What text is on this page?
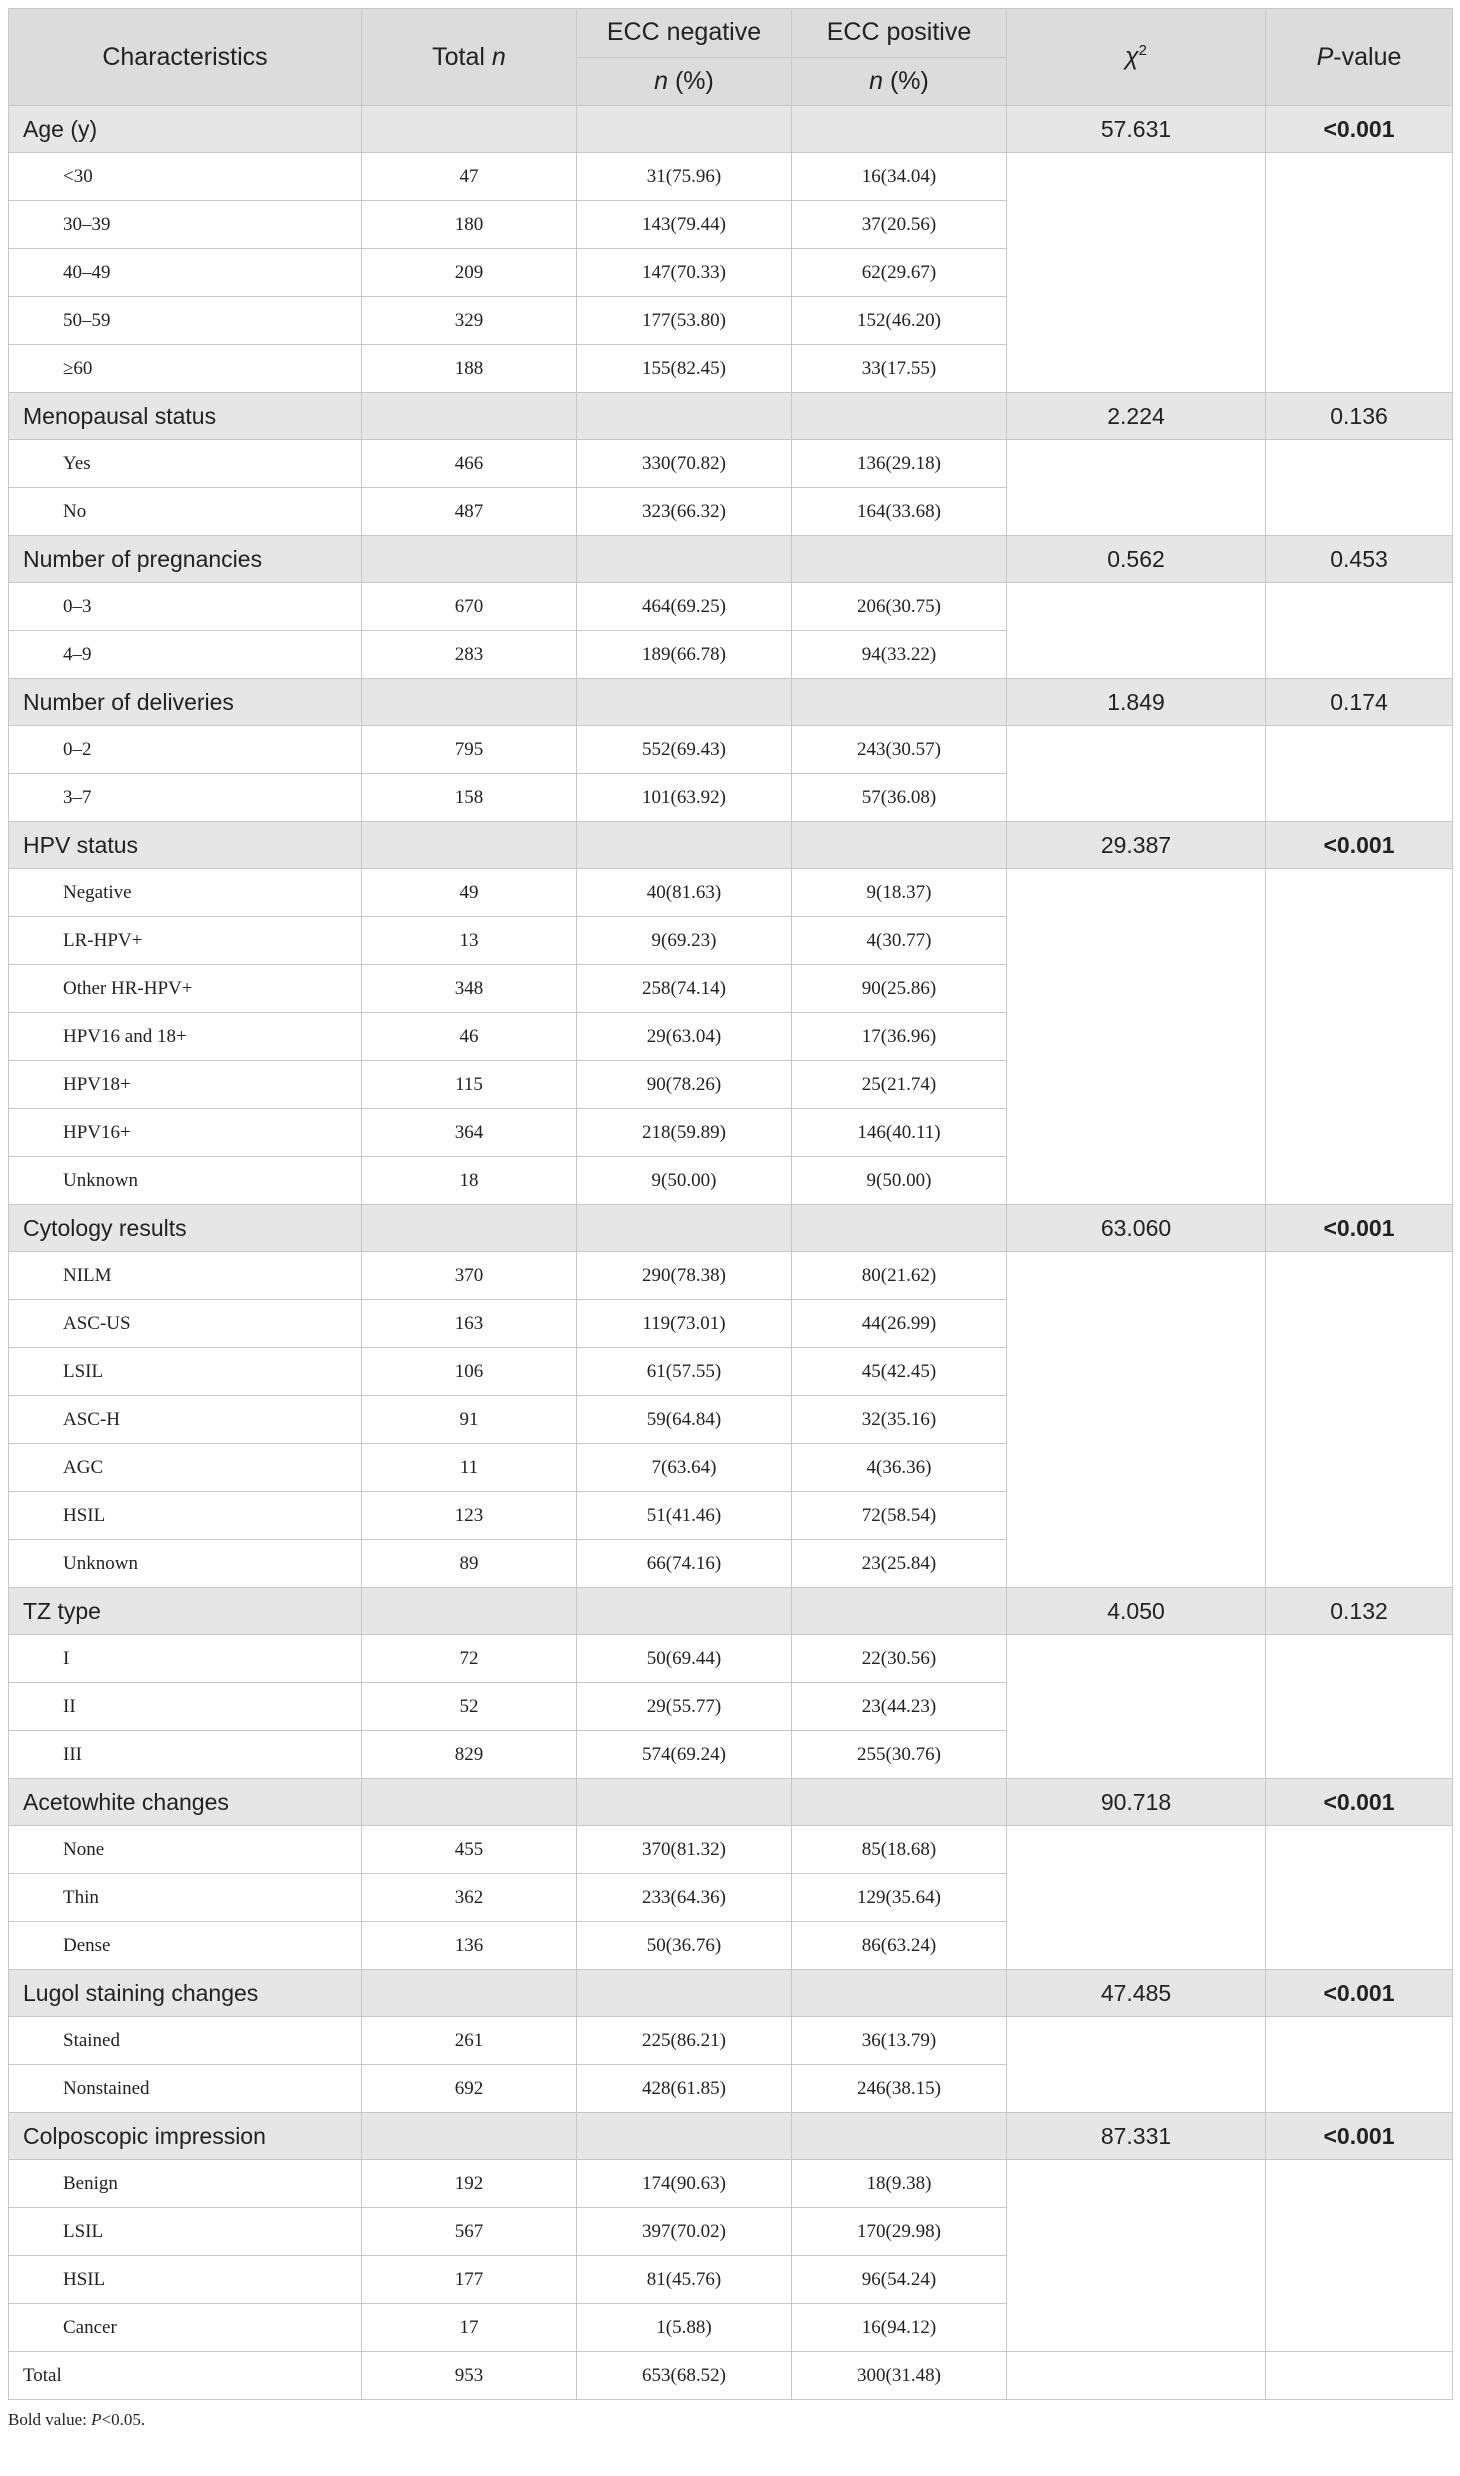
Characteristics	Total n	ECC negative	ECC positive	$\chi^2$	P-value
		n (%)	n (%)		
Age (y)				57.631	<0.001
<30	47	31(75.96)	16(34.04)		
30–39	180	143(79.44)	37(20.56)		
40–49	209	147(70.33)	62(29.67)		
50–59	329	177(53.80)	152(46.20)		
≥60	188	155(82.45)	33(17.55)		
Menopausal status				2.224	0.136
Yes	466	330(70.82)	136(29.18)		
No	487	323(66.32)	164(33.68)		
Number of pregnancies				0.562	0.453
0–3	670	464(69.25)	206(30.75)		
4–9	283	189(66.78)	94(33.22)		
Number of deliveries				1.849	0.174
0–2	795	552(69.43)	243(30.57)		
3–7	158	101(63.92)	57(36.08)		
HPV status				29.387	<0.001
Negative	49	40(81.63)	9(18.37)		
LR-HPV+	13	9(69.23)	4(30.77)		
Other HR-HPV+	348	258(74.14)	90(25.86)		
HPV16 and 18+	46	29(63.04)	17(36.96)		
HPV18+	115	90(78.26)	25(21.74)		
HPV16+	364	218(59.89)	146(40.11)		
Unknown	18	9(50.00)	9(50.00)		
Cytology results				63.060	<0.001
NILM	370	290(78.38)	80(21.62)		
ASC-US	163	119(73.01)	44(26.99)		
LSIL	106	61(57.55)	45(42.45)		
ASC-H	91	59(64.84)	32(35.16)		
AGC	11	7(63.64)	4(36.36)		
HSIL	123	51(41.46)	72(58.54)		
Unknown	89	66(74.16)	23(25.84)		
TZ type				4.050	0.132
I	72	50(69.44)	22(30.56)		
II	52	29(55.77)	23(44.23)		
III	829	574(69.24)	255(30.76)		
Acetowhite changes				90.718	<0.001
None	455	370(81.32)	85(18.68)		
Thin	362	233(64.36)	129(35.64)		
Dense	136	50(36.76)	86(63.24)		
Lugol staining changes				47.485	<0.001
Stained	261	225(86.21)	36(13.79)		
Nonstained	692	428(61.85)	246(38.15)		
Colposcopic impression				87.331	<0.001
Benign	192	174(90.63)	18(9.38)		
LSIL	567	397(70.02)	170(29.98)		
HSIL	177	81(45.76)	96(54.24)		
Cancer	17	1(5.88)	16(94.12)		
Total	953	653(68.52)	300(31.48)		
Bold value: P<0.05.
